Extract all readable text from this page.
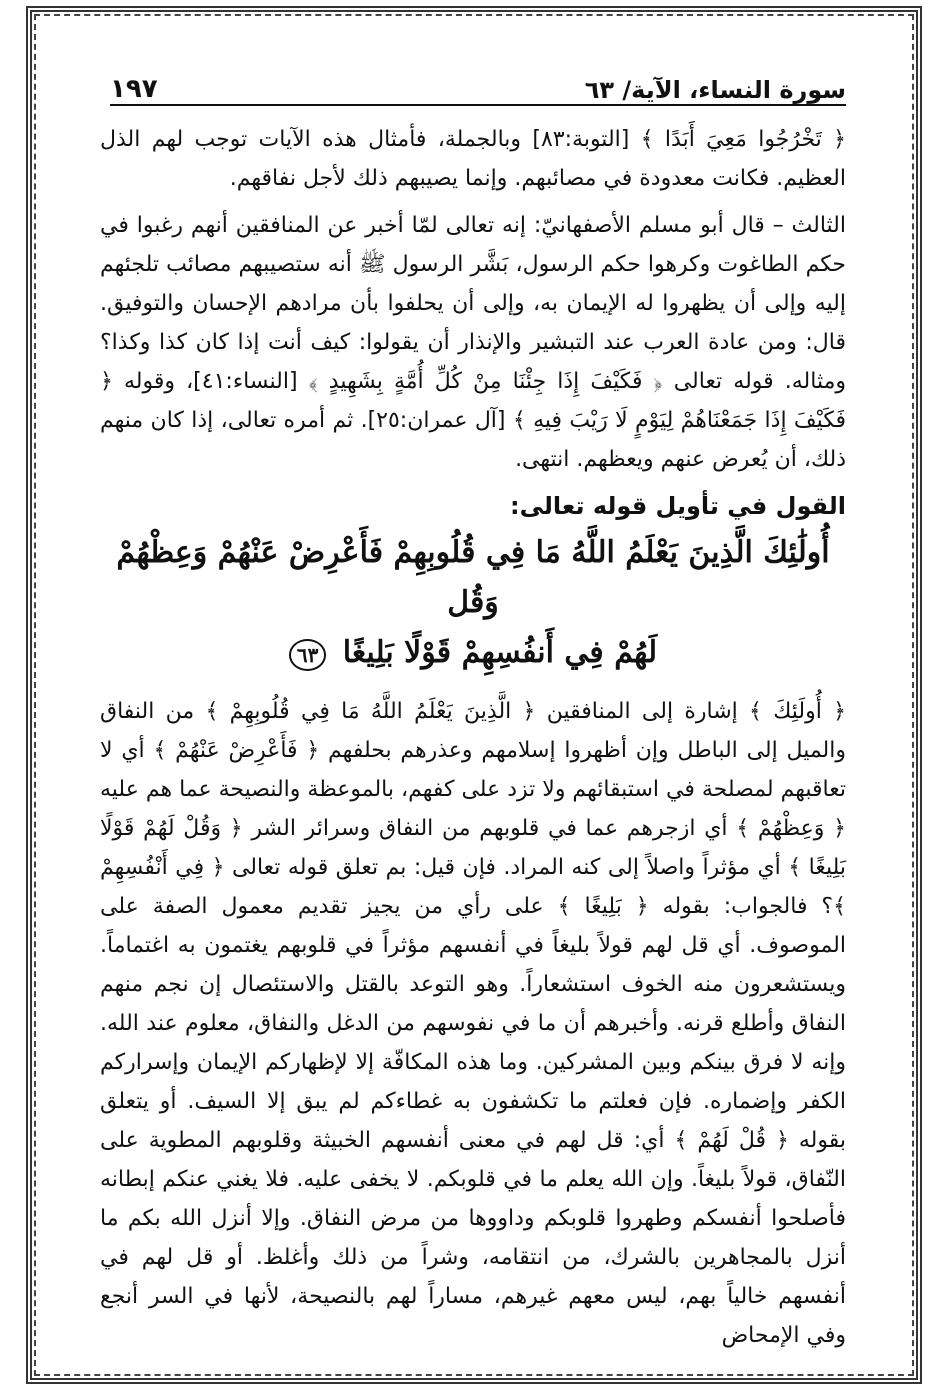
سورة النساء، الآية/ ٦٣
١٩٧

﴿ تَخْرُجُوا مَعِيَ أَبَدًا ﴾ [التوبة:٨٣] وبالجملة، فأمثال هذه الآيات توجب لهم الذل العظيم. فكانت معدودة في مصائبهم. وإنما يصيبهم ذلك لأجل نفاقهم.

الثالث – قال أبو مسلم الأصفهانيّ: إنه تعالى لمّا أخبر عن المنافقين أنهم رغبوا في حكم الطاغوت وكرهوا حكم الرسول، بَشَّر الرسول ﷺ أنه ستصيبهم مصائب تلجئهم إليه وإلى أن يظهروا له الإيمان به، وإلى أن يحلفوا بأن مرادهم الإحسان والتوفيق. قال: ومن عادة العرب عند التبشير والإنذار أن يقولوا: كيف أنت إذا كان كذا وكذا؟ ومثاله. قوله تعالى ﴿ فَكَيْفَ إِذَا جِئْنَا مِنْ كُلِّ أُمَّةٍ بِشَهِيدٍ ﴾ [النساء:٤١]، وقوله ﴿ فَكَيْفَ إِذَا جَمَعْنَاهُمْ لِيَوْمٍ لَا رَيْبَ فِيهِ ﴾ [آل عمران:٢٥]. ثم أمره تعالى، إذا كان منهم ذلك، أن يُعرض عنهم ويعظهم. انتهى.

القول في تأويل قوله تعالى:
أُولَٰئِكَ الَّذِينَ يَعْلَمُ اللَّهُ مَا فِي قُلُوبِهِمْ فَأَعْرِضْ عَنْهُمْ وَعِظْهُمْ وَقُل
لَهُمْ فِي أَنفُسِهِمْ قَوْلًا بَلِيغًا ٦٣

﴿ أُولَئِكَ ﴾ إشارة إلى المنافقين ﴿ الَّذِينَ يَعْلَمُ اللَّهُ مَا فِي قُلُوبِهِمْ ﴾ من النفاق والميل إلى الباطل وإن أظهروا إسلامهم وعذرهم بحلفهم ﴿ فَأَعْرِضْ عَنْهُمْ ﴾ أي لا تعاقبهم لمصلحة في استبقائهم ولا تزد على كفهم، بالموعظة والنصيحة عما هم عليه ﴿ وَعِظْهُمْ ﴾ أي ازجرهم عما في قلوبهم من النفاق وسرائر الشر ﴿ وَقُلْ لَهُمْ قَوْلًا بَلِيغًا ﴾ أي مؤثراً واصلاً إلى كنه المراد. فإن قيل: بم تعلق قوله تعالى ﴿ فِي أَنْفُسِهِمْ ﴾؟ فالجواب: بقوله ﴿ بَلِيغًا ﴾ على رأي من يجيز تقديم معمول الصفة على الموصوف. أي قل لهم قولاً بليغاً في أنفسهم مؤثراً في قلوبهم يغتمون به اغتماماً. ويستشعرون منه الخوف استشعاراً. وهو التوعد بالقتل والاستئصال إن نجم منهم النفاق وأطلع قرنه. وأخبرهم أن ما في نفوسهم من الدغل والنفاق، معلوم عند الله. وإنه لا فرق بينكم وبين المشركين. وما هذه المكافّة إلا لإظهاركم الإيمان وإسراركم الكفر وإضماره. فإن فعلتم ما تكشفون به غطاءكم لم يبق إلا السيف. أو يتعلق بقوله ﴿ قُلْ لَهُمْ ﴾ أي: قل لهم في معنى أنفسهم الخبيثة وقلوبهم المطوية على النّفاق، قولاً بليغاً. وإن الله يعلم ما في قلوبكم. لا يخفى عليه. فلا يغني عنكم إبطانه فأصلحوا أنفسكم وطهروا قلوبكم وداووها من مرض النفاق. وإلا أنزل الله بكم ما أنزل بالمجاهرين بالشرك، من انتقامه، وشراً من ذلك وأغلظ. أو قل لهم في أنفسهم خالياً بهم، ليس معهم غيرهم، مساراً لهم بالنصيحة، لأنها في السر أنجع وفي الإمحاض
